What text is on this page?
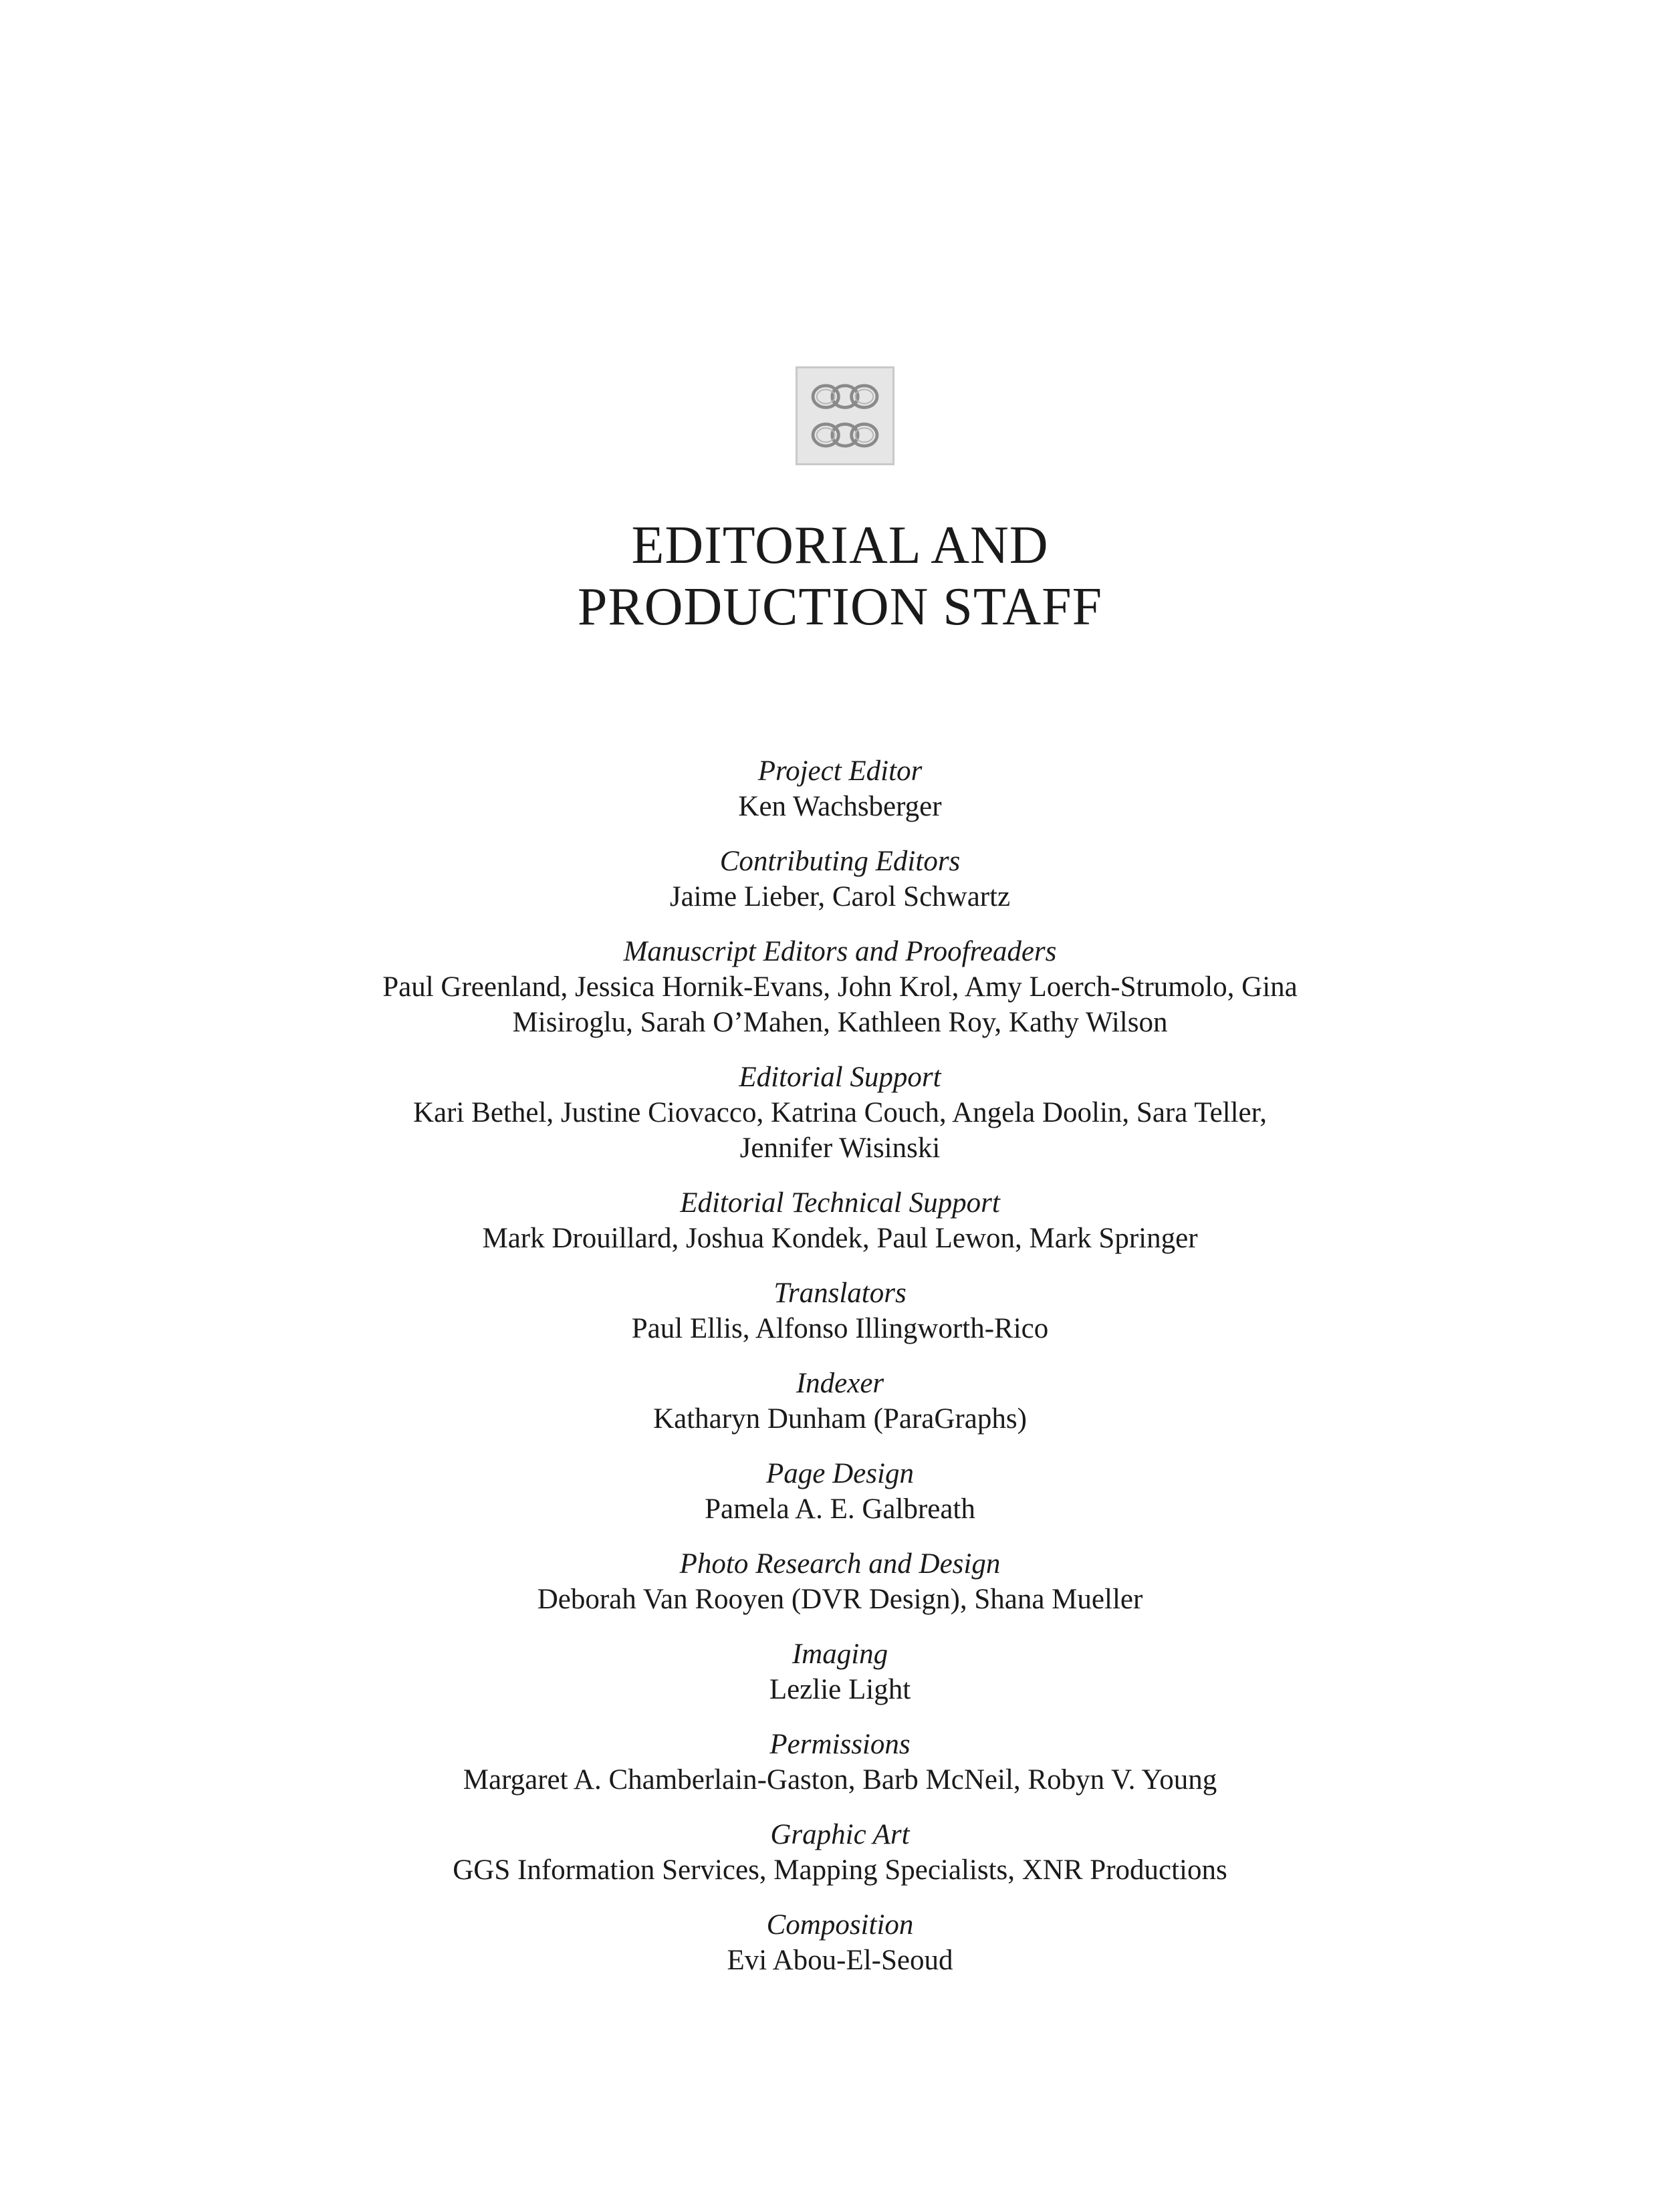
EDITORIAL AND
PRODUCTION STAFF
Project Editor
Ken Wachsberger
Contributing Editors
Jaime Lieber, Carol Schwartz
Manuscript Editors and Proofreaders
Paul Greenland, Jessica Hornik-Evans, John Krol, Amy Loerch-Strumolo, Gina
Misiroglu, Sarah O’Mahen, Kathleen Roy, Kathy Wilson
Editorial Support
Kari Bethel, Justine Ciovacco, Katrina Couch, Angela Doolin, Sara Teller,
Jennifer Wisinski
Editorial Technical Support
Mark Drouillard, Joshua Kondek, Paul Lewon, Mark Springer
Translators
Paul Ellis, Alfonso Illingworth-Rico
Indexer
Katharyn Dunham (ParaGraphs)
Page Design
Pamela A. E. Galbreath
Photo Research and Design
Deborah Van Rooyen (DVR Design), Shana Mueller
Imaging
Lezlie Light
Permissions
Margaret A. Chamberlain-Gaston, Barb McNeil, Robyn V. Young
Graphic Art
GGS Information Services, Mapping Specialists, XNR Productions
Composition
Evi Abou-El-Seoud
